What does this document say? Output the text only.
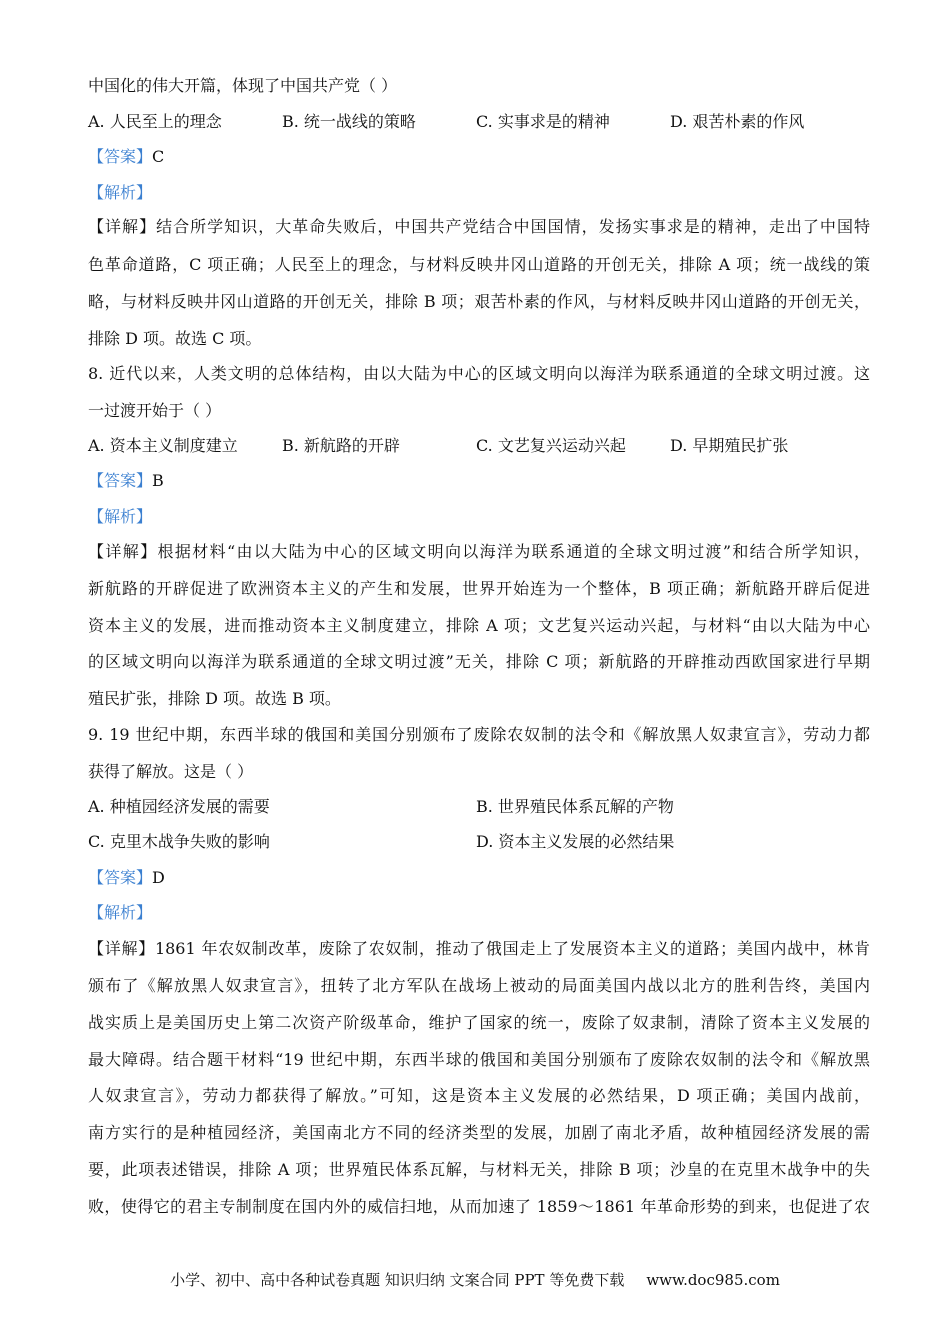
中国化的伟大开篇，体现了中国共产党（ ）
A. 人民至上的理念	B. 统一战线的策略	C. 实事求是的精神	D. 艰苦朴素的作风
【答案】C
【解析】
【详解】结合所学知识，大革命失败后，中国共产党结合中国国情，发扬实事求是的精神，走出了中国特
色革命道路，C 项正确；人民至上的理念，与材料反映井冈山道路的开创无关，排除 A 项；统一战线的策
略，与材料反映井冈山道路的开创无关，排除 B 项；艰苦朴素的作风，与材料反映井冈山道路的开创无关，
排除 D 项。故选 C 项。
8. 近代以来，人类文明的总体结构，由以大陆为中心的区域文明向以海洋为联系通道的全球文明过渡。这
一过渡开始于（ ）
A. 资本主义制度建立	B. 新航路的开辟	C. 文艺复兴运动兴起	D. 早期殖民扩张
【答案】B
【解析】
【详解】根据材料“由以大陆为中心的区域文明向以海洋为联系通道的全球文明过渡”和结合所学知识，
新航路的开辟促进了欧洲资本主义的产生和发展，世界开始连为一个整体，B 项正确；新航路开辟后促进
资本主义的发展，进而推动资本主义制度建立，排除 A 项；文艺复兴运动兴起，与材料“由以大陆为中心
的区域文明向以海洋为联系通道的全球文明过渡”无关，排除 C 项；新航路的开辟推动西欧国家进行早期
殖民扩张，排除 D 项。故选 B 项。
9. 19 世纪中期，东西半球的俄国和美国分别颁布了废除农奴制的法令和《解放黑人奴隶宣言》，劳动力都
获得了解放。这是（ ）
A. 种植园经济发展的需要	B. 世界殖民体系瓦解的产物
C. 克里木战争失败的影响	D. 资本主义发展的必然结果
【答案】D
【解析】
【详解】1861 年农奴制改革，废除了农奴制，推动了俄国走上了发展资本主义的道路；美国内战中，林肯
颁布了《解放黑人奴隶宣言》，扭转了北方军队在战场上被动的局面美国内战以北方的胜利告终，美国内
战实质上是美国历史上第二次资产阶级革命，维护了国家的统一，废除了奴隶制，清除了资本主义发展的
最大障碍。结合题干材料“19 世纪中期，东西半球的俄国和美国分别颁布了废除农奴制的法令和《解放黑
人奴隶宣言》，劳动力都获得了解放。”可知，这是资本主义发展的必然结果，D 项正确；美国内战前，
南方实行的是种植园经济，美国南北方不同的经济类型的发展，加剧了南北矛盾，故种植园经济发展的需
要，此项表述错误，排除 A 项；世界殖民体系瓦解，与材料无关，排除 B 项；沙皇的在克里木战争中的失
败，使得它的君主专制制度在国内外的威信扫地，从而加速了 1859～1861 年革命形势的到来，也促进了农
小学、初中、高中各种试卷真题 知识归纳 文案合同 PPT 等免费下载 www.doc985.com
